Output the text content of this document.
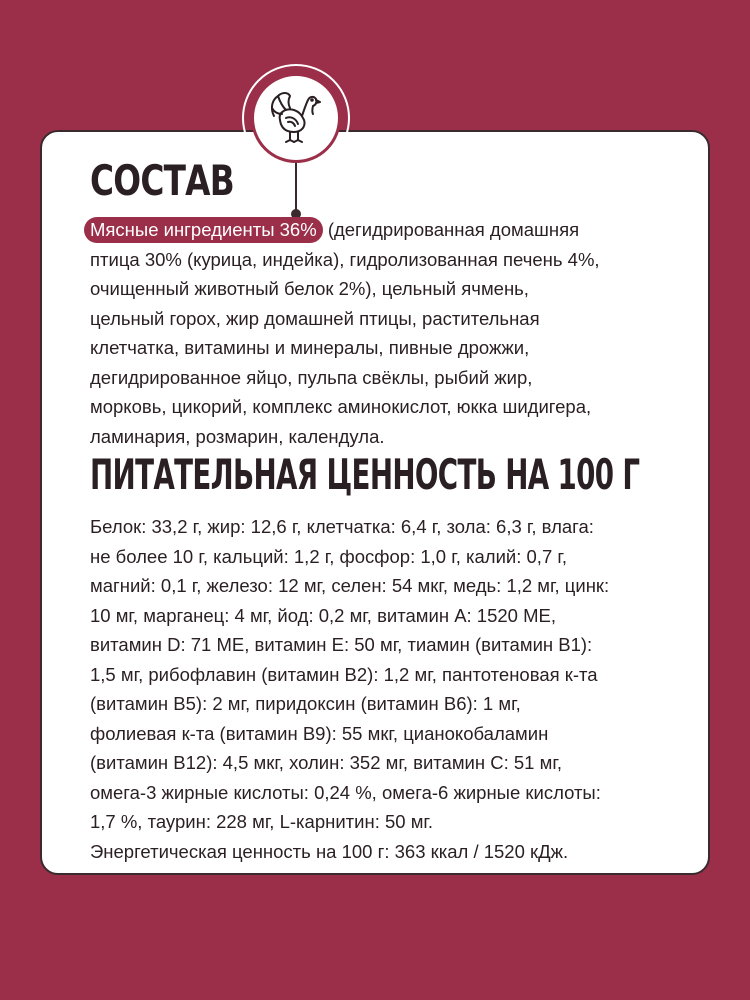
СОСТАВ
Мясные ингредиенты 36% (дегидрированная домашняя
птица 30% (курица, индейка), гидролизованная печень 4%,
очищенный животный белок 2%), цельный ячмень,
цельный горох, жир домашней птицы, растительная
клетчатка, витамины и минералы, пивные дрожжи,
дегидрированное яйцо, пульпа свёклы, рыбий жир,
морковь, цикорий, комплекс аминокислот, юкка шидигера,
ламинария, розмарин, календула.
ПИТАТЕЛЬНАЯ ЦЕННОСТЬ НА 100 Г
Белок: 33,2 г, жир: 12,6 г, клетчатка: 6,4 г, зола: 6,3 г, влага:
не более 10 г, кальций: 1,2 г, фосфор: 1,0 г, калий: 0,7 г,
магний: 0,1 г, железо: 12 мг, селен: 54 мкг, медь: 1,2 мг, цинк:
10 мг, марганец: 4 мг, йод: 0,2 мг, витамин А: 1520 МЕ,
витамин D: 71 МЕ, витамин Е: 50 мг, тиамин (витамин В1):
1,5 мг, рибофлавин (витамин В2): 1,2 мг, пантотеновая к-та
(витамин В5): 2 мг, пиридоксин (витамин В6): 1 мг,
фолиевая к-та (витамин В9): 55 мкг, цианокобаламин
(витамин В12): 4,5 мкг, холин: 352 мг, витамин С: 51 мг,
омега-3 жирные кислоты: 0,24 %, омега-6 жирные кислоты:
1,7 %, таурин: 228 мг, L-карнитин: 50 мг.
Энергетическая ценность на 100 г: 363 ккал / 1520 кДж.
